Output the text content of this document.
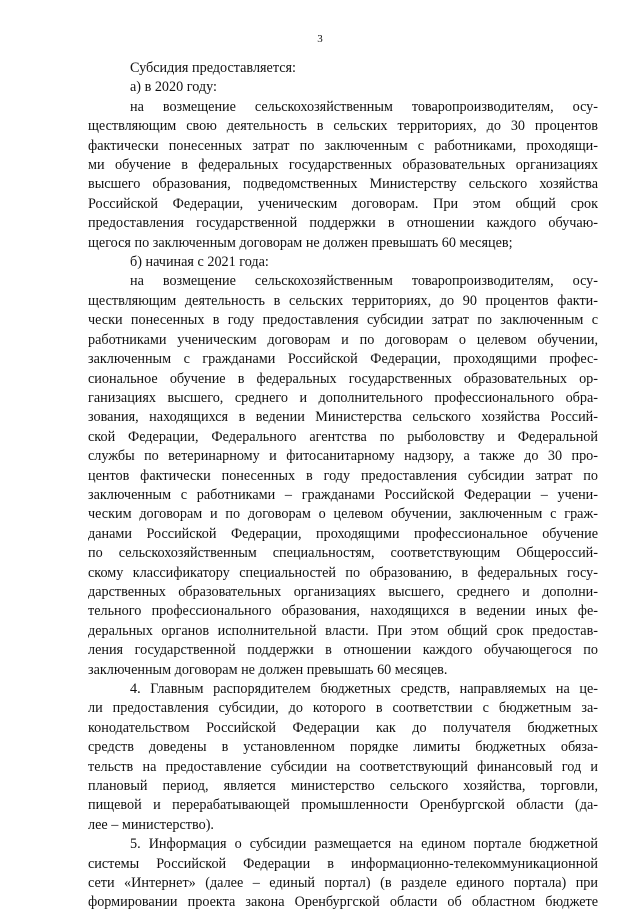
3
Субсидия предоставляется:
а) в 2020 году:
на возмещение сельскохозяйственным товаропроизводителям, осу-
ществляющим свою деятельность в сельских территориях, до 30 процентов
фактически понесенных затрат по заключенным с работниками, проходящи-
ми обучение в федеральных государственных образовательных организациях
высшего образования, подведомственных Министерству сельского хозяйства
Российской Федерации, ученическим договорам. При этом общий срок
предоставления государственной поддержки в отношении каждого обучаю-
щегося по заключенным договорам не должен превышать 60 месяцев;
б) начиная с 2021 года:
на возмещение сельскохозяйственным товаропроизводителям, осу-
ществляющим деятельность в сельских территориях, до 90 процентов факти-
чески понесенных в году предоставления субсидии затрат по заключенным с
работниками ученическим договорам и по договорам о целевом обучении,
заключенным с гражданами Российской Федерации, проходящими профес-
сиональное обучение в федеральных государственных образовательных ор-
ганизациях высшего, среднего и дополнительного профессионального обра-
зования, находящихся в ведении Министерства сельского хозяйства Россий-
ской Федерации, Федерального агентства по рыболовству и Федеральной
службы по ветеринарному и фитосанитарному надзору, а также до 30 про-
центов фактически понесенных в году предоставления субсидии затрат по
заключенным с работниками – гражданами Российской Федерации – учени-
ческим договорам и по договорам о целевом обучении, заключенным с граж-
данами Российской Федерации, проходящими профессиональное обучение
по сельскохозяйственным специальностям, соответствующим Общероссий-
скому классификатору специальностей по образованию, в федеральных госу-
дарственных образовательных организациях высшего, среднего и дополни-
тельного профессионального образования, находящихся в ведении иных фе-
деральных органов исполнительной власти. При этом общий срок предостав-
ления государственной поддержки в отношении каждого обучающегося по
заключенным договорам не должен превышать 60 месяцев.
4. Главным распорядителем бюджетных средств, направляемых на це-
ли предоставления субсидии, до которого в соответствии с бюджетным за-
конодательством Российской Федерации как до получателя бюджетных
средств доведены в установленном порядке лимиты бюджетных обяза-
тельств на предоставление субсидии на соответствующий финансовый год и
плановый период, является министерство сельского хозяйства, торговли,
пищевой и перерабатывающей промышленности Оренбургской области (да-
лее – министерство).
5. Информация о субсидии размещается на едином портале бюджетной
системы Российской Федерации в информационно-телекоммуникационной
сети «Интернет» (далее – единый портал) (в разделе единого портала) при
формировании проекта закона Оренбургской области об областном бюджете
